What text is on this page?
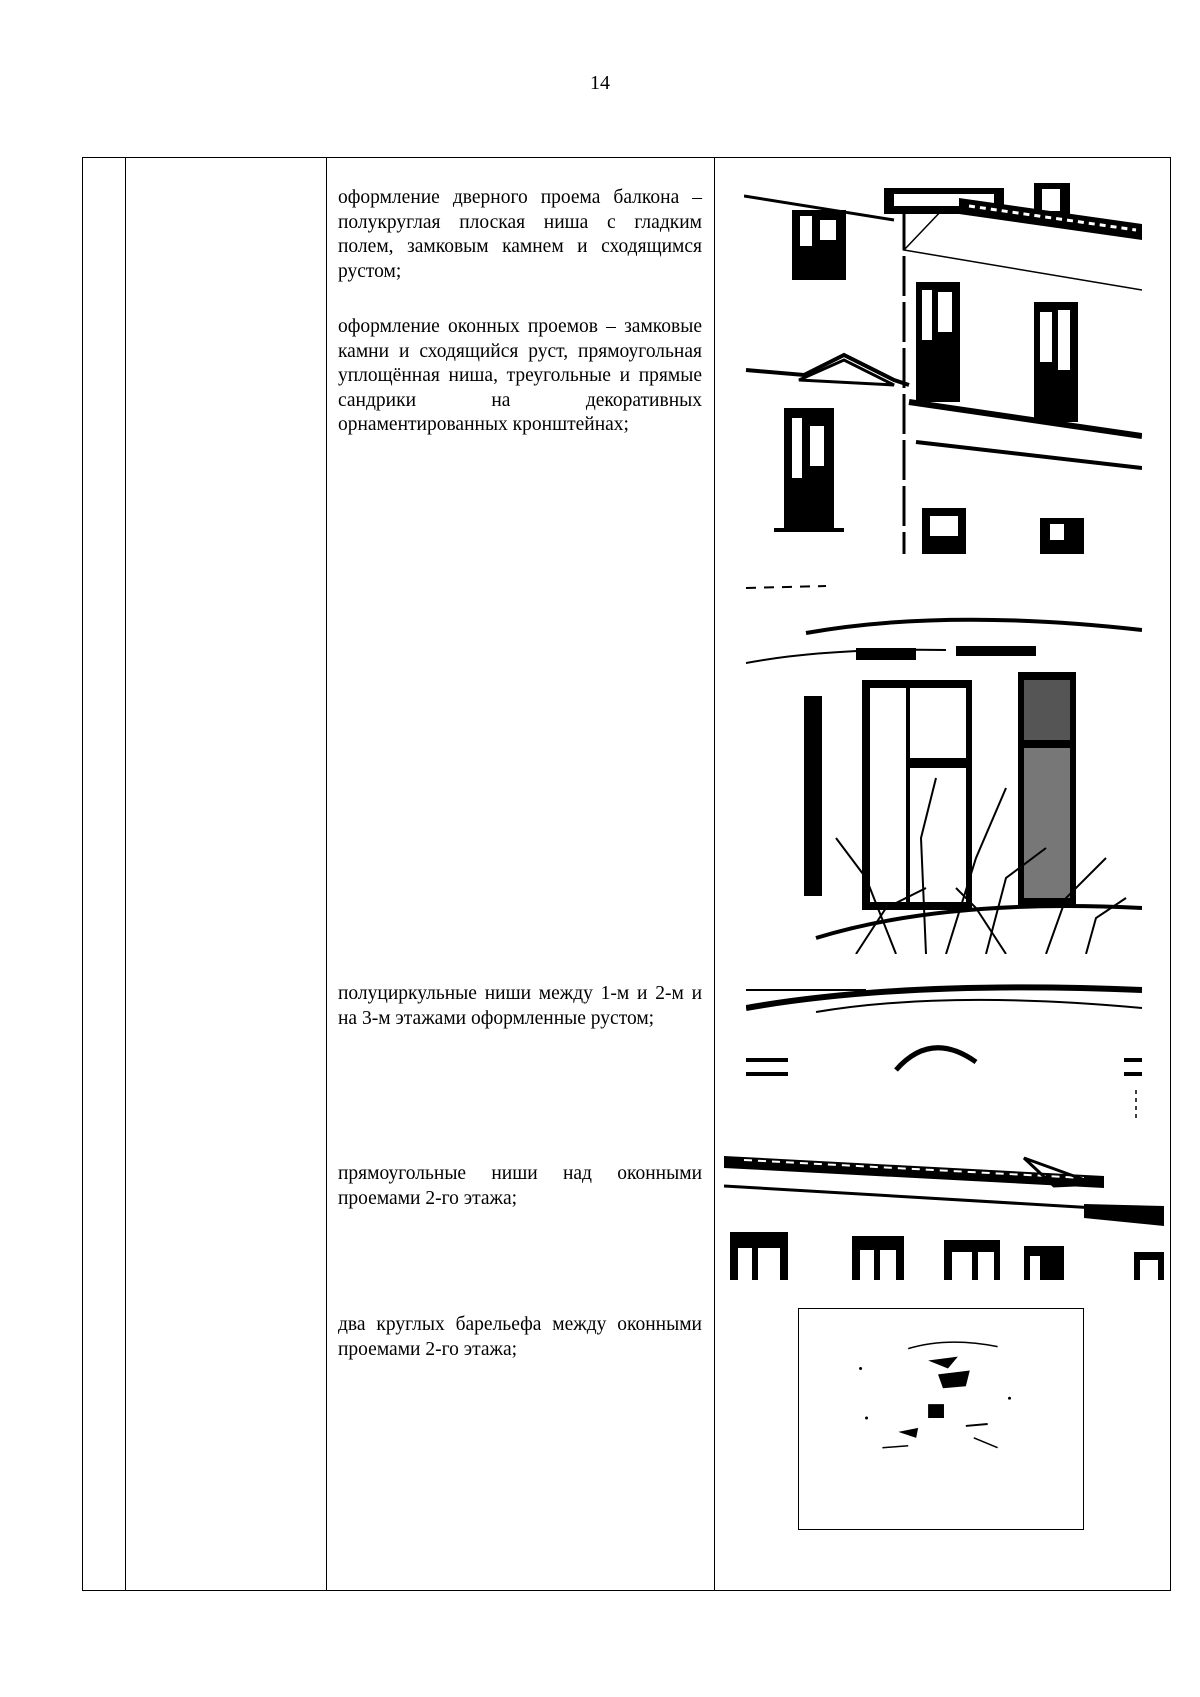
14

оформление дверного проема балкона – полукруглая плоская ниша с гладким полем, замковым камнем и сходящимся рустом;

оформление оконных проемов – замковые камни и сходящийся руст, прямоугольная уплощённая ниша, треугольные и прямые сандрики на декоративных орнаментированных кронштейнах;

полуциркульные ниши между 1-м и 2-м и на 3-м этажами оформленные рустом;

прямоугольные ниши над оконными проемами 2-го этажа;

два круглых барельефа между оконными проемами 2-го этажа;
